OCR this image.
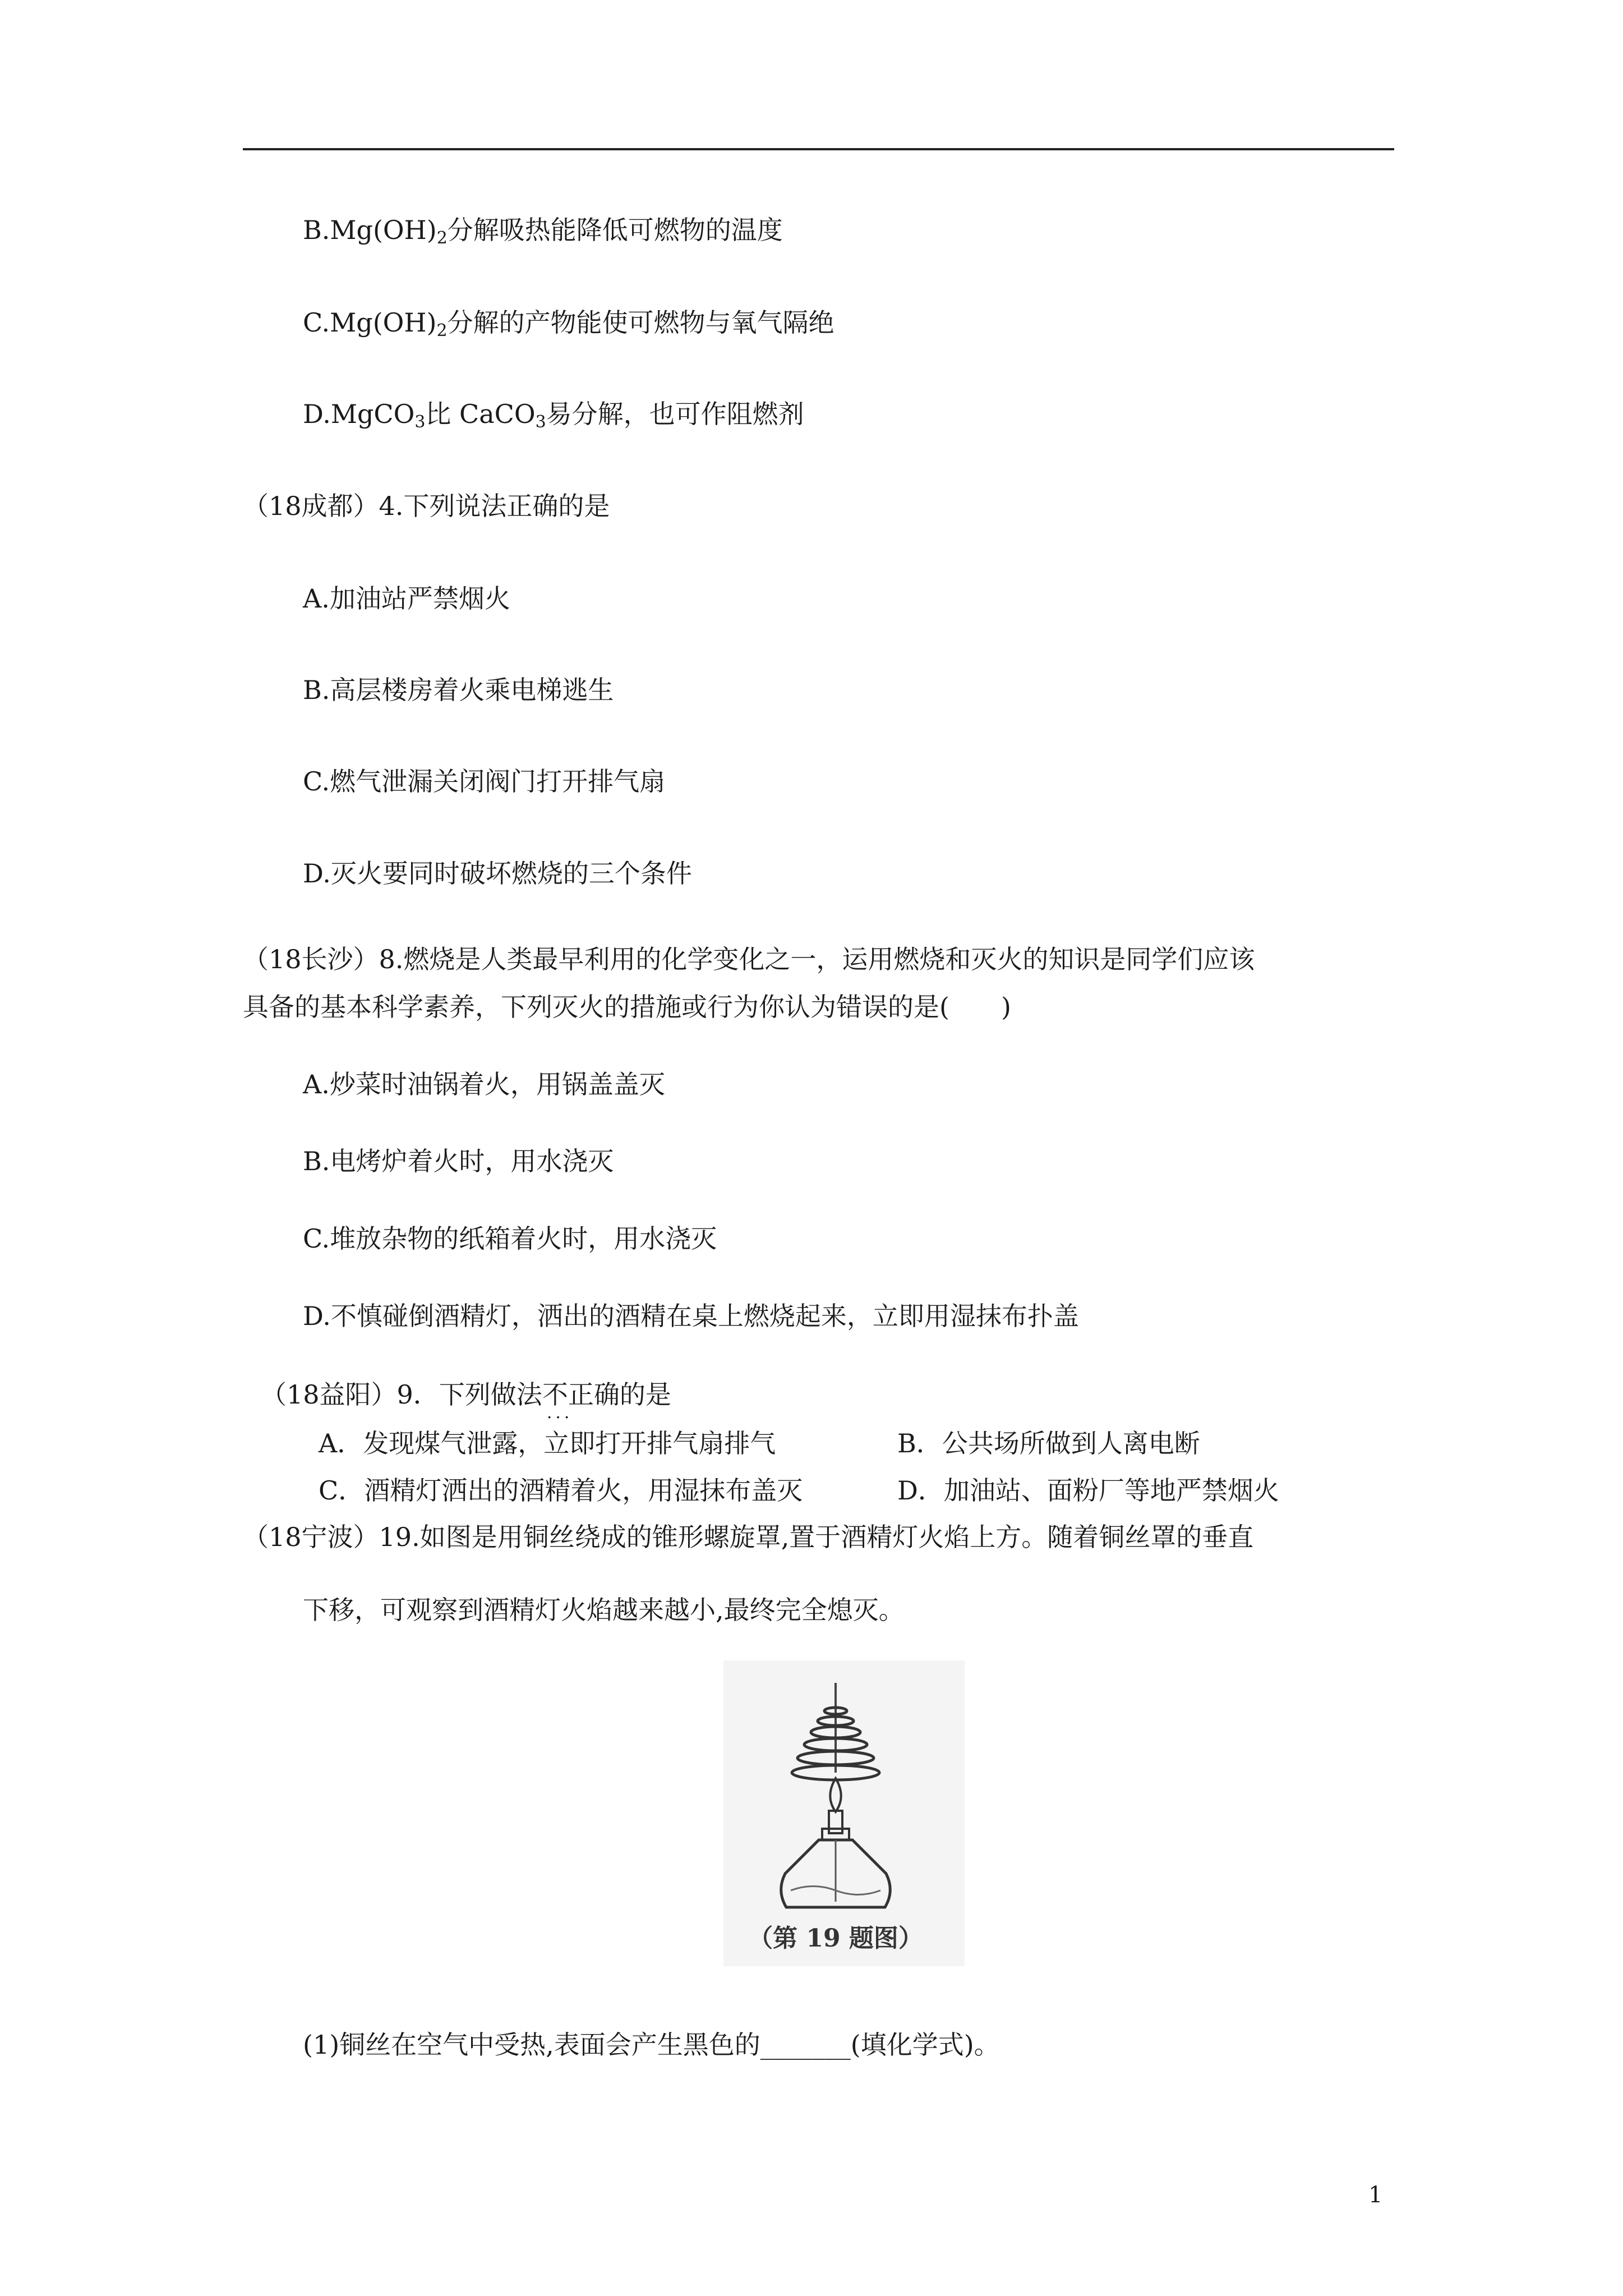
$B.Mg(OH)_2$分解吸热能降低可燃物的温度
$C.Mg(OH)_2$分解的产物能使可燃物与氧气隔绝
D.MgCO$_3$比 CaCO$_3$易分解，也可作阻燃剂
（18成都）4.下列说法正确的是
A.加油站严禁烟火
B.高层楼房着火乘电梯逃生
C.燃气泄漏关闭阀门打开排气扇
D.灭火要同时破坏燃烧的三个条件
（18长沙）8.燃烧是人类最早利用的化学变化之一，运用燃烧和灭火的知识是同学们应该
具备的基本科学素养，下列灭火的措施或行为你认为错误的是(　　)
A.炒菜时油锅着火，用锅盖盖灭
B.电烤炉着火时，用水浇灭
C.堆放杂物的纸箱着火时，用水浇灭
D.不慎碰倒酒精灯，洒出的酒精在桌上燃烧起来，立即用湿抹布扑盖
（18益阳）9．下列做法不正确 ···的是
A．发现煤气泄露，立即打开排气扇排气	B．公共场所做到人离电断
C．酒精灯洒出的酒精着火，用湿抹布盖灭	D．加油站、面粉厂等地严禁烟火
（18宁波）19.如图是用铜丝绕成的锥形螺旋罩,置于酒精灯火焰上方。随着铜丝罩的垂直
下移，可观察到酒精灯火焰越来越小,最终完全熄灭。
（第 19 题图）
(1)铜丝在空气中受热,表面会产生黑色的_______(填化学式)。
1
